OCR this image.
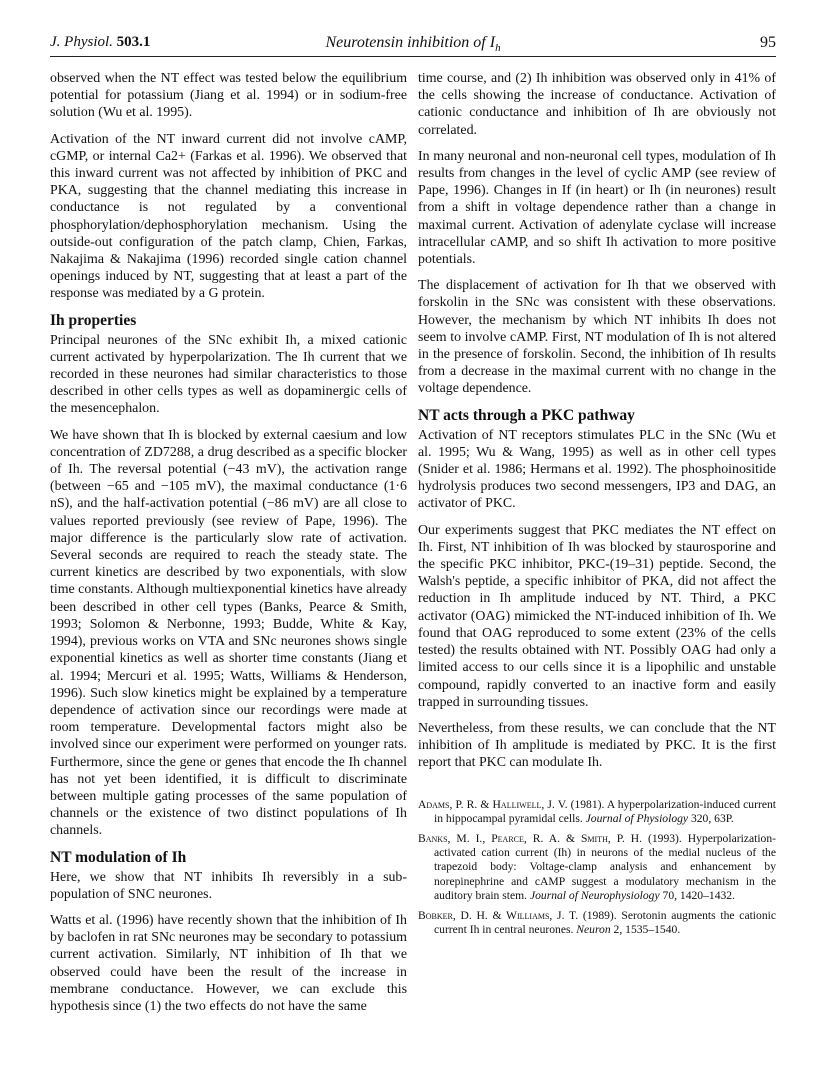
J. Physiol. 503.1	Neurotensin inhibition of $I_h$	95

observed when the NT effect was tested below the equilibrium potential for potassium (Jiang et al. 1994) or in sodium-free solution (Wu et al. 1995).

Activation of the NT inward current did not involve cAMP, cGMP, or internal Ca2+ (Farkas et al. 1996). We observed that this inward current was not affected by inhibition of PKC and PKA, suggesting that the channel mediating this increase in conductance is not regulated by a conventional phosphorylation/dephosphorylation mechanism. Using the outside-out configuration of the patch clamp, Chien, Farkas, Nakajima & Nakajima (1996) recorded single cation channel openings induced by NT, suggesting that at least a part of the response was mediated by a G protein.

Ih properties

Principal neurones of the SNc exhibit Ih, a mixed cationic current activated by hyperpolarization. The Ih current that we recorded in these neurones had similar characteristics to those described in other cells types as well as dopaminergic cells of the mesencephalon.

We have shown that Ih is blocked by external caesium and low concentration of ZD7288, a drug described as a specific blocker of Ih. The reversal potential (−43 mV), the activation range (between −65 and −105 mV), the maximal conductance (1·6 nS), and the half-activation potential (−86 mV) are all close to values reported previously (see review of Pape, 1996). The major difference is the particularly slow rate of activation. Several seconds are required to reach the steady state. The current kinetics are described by two exponentials, with slow time constants. Although multiexponential kinetics have already been described in other cell types (Banks, Pearce & Smith, 1993; Solomon & Nerbonne, 1993; Budde, White & Kay, 1994), previous works on VTA and SNc neurones shows single exponential kinetics as well as shorter time constants (Jiang et al. 1994; Mercuri et al. 1995; Watts, Williams & Henderson, 1996). Such slow kinetics might be explained by a temperature dependence of activation since our recordings were made at room temperature. Developmental factors might also be involved since our experiment were performed on younger rats. Furthermore, since the gene or genes that encode the Ih channel has not yet been identified, it is difficult to discriminate between multiple gating processes of the same population of channels or the existence of two distinct populations of Ih channels.

NT modulation of Ih

Here, we show that NT inhibits Ih reversibly in a sub-population of SNC neurones.

Watts et al. (1996) have recently shown that the inhibition of Ih by baclofen in rat SNc neurones may be secondary to potassium current activation. Similarly, NT inhibition of Ih that we observed could have been the result of the increase in membrane conductance. However, we can exclude this hypothesis since (1) the two effects do not have the same

time course, and (2) Ih inhibition was observed only in 41% of the cells showing the increase of conductance. Activation of cationic conductance and inhibition of Ih are obviously not correlated.

In many neuronal and non-neuronal cell types, modulation of Ih results from changes in the level of cyclic AMP (see review of Pape, 1996). Changes in If (in heart) or Ih (in neurones) result from a shift in voltage dependence rather than a change in maximal current. Activation of adenylate cyclase will increase intracellular cAMP, and so shift Ih activation to more positive potentials.

The displacement of activation for Ih that we observed with forskolin in the SNc was consistent with these observations. However, the mechanism by which NT inhibits Ih does not seem to involve cAMP. First, NT modulation of Ih is not altered in the presence of forskolin. Second, the inhibition of Ih results from a decrease in the maximal current with no change in the voltage dependence.

NT acts through a PKC pathway

Activation of NT receptors stimulates PLC in the SNc (Wu et al. 1995; Wu & Wang, 1995) as well as in other cell types (Snider et al. 1986; Hermans et al. 1992). The phosphoinositide hydrolysis produces two second messengers, IP3 and DAG, an activator of PKC.

Our experiments suggest that PKC mediates the NT effect on Ih. First, NT inhibition of Ih was blocked by staurosporine and the specific PKC inhibitor, PKC-(19–31) peptide. Second, the Walsh's peptide, a specific inhibitor of PKA, did not affect the reduction in Ih amplitude induced by NT. Third, a PKC activator (OAG) mimicked the NT-induced inhibition of Ih. We found that OAG reproduced to some extent (23% of the cells tested) the results obtained with NT. Possibly OAG had only a limited access to our cells since it is a lipophilic and unstable compound, rapidly converted to an inactive form and easily trapped in surrounding tissues.

Nevertheless, from these results, we can conclude that the NT inhibition of Ih amplitude is mediated by PKC. It is the first report that PKC can modulate Ih.

Adams, P. R. & Halliwell, J. V. (1981). A hyperpolarization-induced current in hippocampal pyramidal cells. Journal of Physiology 320, 63P.

Banks, M. I., Pearce, R. A. & Smith, P. H. (1993). Hyperpolarization-activated cation current (Ih) in neurons of the medial nucleus of the trapezoid body: Voltage-clamp analysis and enhancement by norepinephrine and cAMP suggest a modulatory mechanism in the auditory brain stem. Journal of Neurophysiology 70, 1420–1432.

Bobker, D. H. & Williams, J. T. (1989). Serotonin augments the cationic current Ih in central neurones. Neuron 2, 1535–1540.
